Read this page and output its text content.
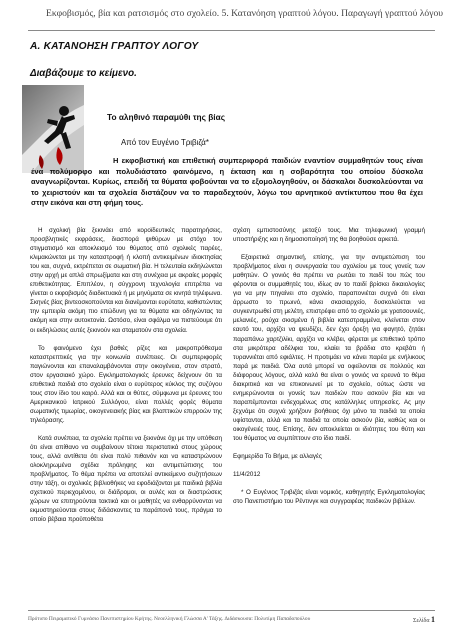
Εκφοβισμός, βία και ρατσισμός στο σχολείο. 5. Κατανόηση γραπτού λόγου. Παραγωγή γραπτού λόγου
Α. ΚΑΤΑΝΟΗΣΗ ΓΡΑΠΤΟΥ ΛΟΓΟΥ
Διαβάζουμε το κείμενο.
Το αληθινό παραμύθι της βίας
Από τον Ευγένιο Τριβιζά*
Η εκφοβιστική και επιθετική συμπεριφορά παιδιών εναντίον συμμαθητών τους είναι ένα πολύμορφο και πολυδιάστατο φαινόμενο, η έκταση και η σοβαρότητα του οποίου δύσκολα αναγνωρίζονται. Κυρίως, επειδή τα θύματα φοβούνται να το εξομολογηθούν, οι δάσκαλοι δυσκολεύονται να το χειριστούν και τα σχολεία διστάζουν να το παραδεχτούν, λόγω του αρνητικού αντίκτυπου που θα έχει στην εικόνα και στη φήμη τους.

Η σχολική βία ξεκινάει από κοροϊδευτικές παρατηρήσεις, προσβλητικές εκφράσεις, διασπορά ψιθύρων με στόχο τον στιγματισμό και αποκλεισμό του θύματος από σχολικές παρέες, κλιμακώνεται με την καταστροφή ή κλοπή αντικειμένων ιδιοκτησίας του και, συχνά, εκτρέπεται σε σωματική βία. Η τελευταία εκδηλώνεται στην αρχή με απλά σπρωξίματα και στη συνέχεια με ακραίες μορφές επιθετικότητας. Επιπλέον, η σύγχρονη τεχνολογία επιτρέπει να γίνεται ο εκφοβισμός διαδικτυακά ή με μηνύματα σε κινητά τηλέφωνα. Σκηνές βίας βιντεοσκοπούνται και διανέμονται ευρύτατα, καθιστώντας την εμπειρία ακόμη πιο επώδυνη για τα θύματα και οδηγώντας τα ακόμη και στην αυτοκτονία. Ωστόσο, είναι σφάλμα να πιστεύουμε ότι οι εκδηλώσεις αυτές ξεκινούν και σταματούν στα σχολεία.

Το φαινόμενο έχει βαθιές ρίζες και μακροπρόθεσμα καταστρεπτικές για την κοινωνία συνέπειες. Οι συμπεριφορές παγιώνονται και επαναλαμβάνονται στην οικογένεια, στον στρατό, στον εργασιακό χώρο. Εγκληματολογικές έρευνες δείχνουν ότι τα επιθετικά παιδιά στο σχολείο είναι ο ευρύτερος κύκλος της συζύγου τους στον ίδιο του καιρό. Αλλά και οι θύτες, σύμφωνα με έρευνες του Αμερικανικού Ιατρικού Συλλόγου, είναι πολλές φορές θύματα σωματικής τιμωρίας, οικογενειακής βίας και βλαπτικών επιρροών της τηλεόρασης.

Κατά συνέπεια, τα σχολεία πρέπει να ξεκινάνε όχι με την υπόθεση ότι είναι απίθανο να συμβαίνουν τέτοια περιστατικά στους χώρους τους, αλλά αντίθετα ότι είναι πολύ πιθανόν και να καταστρώνουν ολοκληρωμένα σχέδια πρόληψης και αντιμετώπισης του προβλήματος. Το θέμα πρέπει να αποτελεί αντικείμενο συζητήσεων στην τάξη, οι σχολικές βιβλιοθήκες να εφοδιάζονται με παιδικά βιβλία σχετικού περιεχομένου, οι διάδρομοι, οι αυλές και οι διαστρώσεις χώρων να επιτηρούνται τακτικά και οι μαθητές να ενθαρρύνονται να εκμυστηρεύονται στους διδάσκοντες τα παράπονά τους, πράγμα το οποίο βέβαια προϋποθέτει

σχέση εμπιστοσύνης μεταξύ τους. Μια τηλεφωνική γραμμή υποστήριξης και η δημοσιοποίησή της θα βοηθούσε αρκετά.

Εξαιρετικά σημαντική, επίσης, για την αντιμετώπιση του προβλήματος είναι η συνεργασία του σχολείου με τους γονείς των μαθητών. Ο γονιός θα πρέπει να ρωτάει το παιδί του πώς του φέρονται οι συμμαθητές του, ιδίως αν το παιδί βρίσκει δικαιολογίες για να μην πηγαίνει στο σχολείο, παραπονιέται συχνά ότι είναι άρρωστο το πρωινό, κάνει σκασιαρχείο, δυσκολεύεται να συγκεντρωθεί στη μελέτη, επιστρέφει από το σχολείο με γρατσουνιές, μελανιές, ρούχα σκισμένα ή βιβλία κατεστραμμένα, κλείνεται στον εαυτό του, αρχίζει να ψευδίζει, δεν έχει όρεξη για φαγητό, ζητάει παραπάνω χαρτζιλίκι, αρχίζει να κλέβει, φέρεται με επιθετικό τρόπο στα μικρότερα αδέλφια του, κλαίει τα βράδια στο κρεβάτι ή τυραννιέται από εφιάλτες. Η προτιμάει να κάνει παρέα με ενήλικους παρά με παιδιά. Όλα αυτά μπορεί να οφείλονται σε πολλούς και διάφορους λόγους, αλλά καλό θα είναι ο γονιός να ερευνά το θέμα διακριτικά και να επικοινωνεί με το σχολείο, ούτως ώστε να ενημερώνονται οι γονείς των παιδιών που ασκούν βία και να παραπέμπονται ενδεχομένως στις κατάλληλες υπηρεσίες. Ας μην ξεχνάμε ότι συχνά χρήζουν βοήθειας όχι μόνο τα παιδιά τα οποία υφίστανται, αλλά και τα παιδιά τα οποία ασκούν βία, καθώς και οι οικογένειές τους. Επίσης, δεν αποκλείεται οι ιδιότητες του θύτη και του θύματος να συμπίπτουν στο ίδιο παιδί.

Εφημερίδα Το Βήμα, με αλλαγές

11/4/2012

* Ο Ευγένιος Τριβιζάς είναι νομικός, καθηγητής Εγκληματολογίας στο Πανεπιστήμιο του Ρέντινγκ και συγγραφέας παιδικών βιβλίων.

Πρότυπο Πειραματικό Γυμνάσιο Πανεπιστημίου Κρήτης. Νεοελληνική Γλώσσα Α' Τάξης. Διδάσκουσα: Πολυτίμη Παπαδοπούλου	Σελίδα 1
